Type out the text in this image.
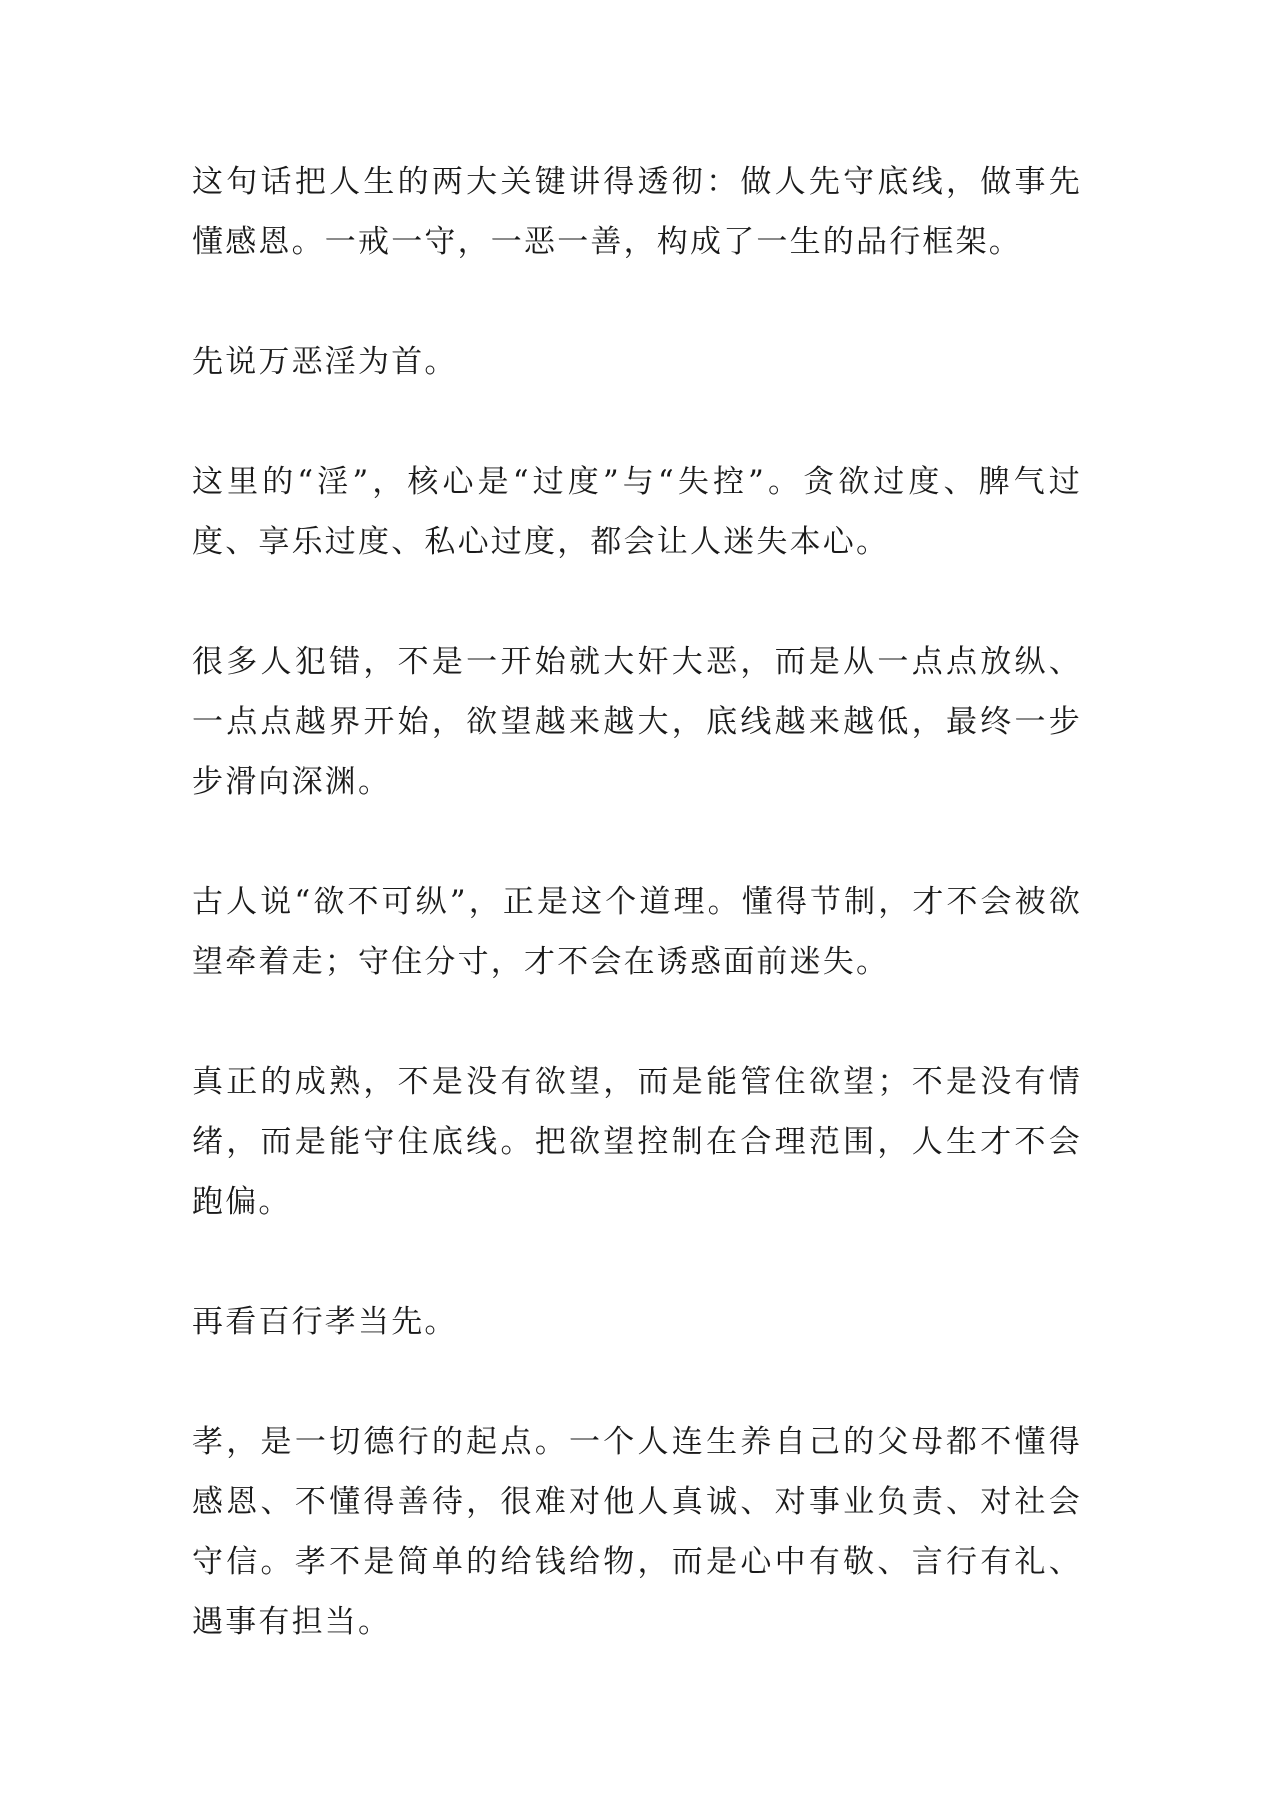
这句话把人生的两大关键讲得透彻：做人先守底线，做事先懂感恩。一戒一守，一恶一善，构成了一生的品行框架。

先说万恶淫为首。

这里的“淫”，核心是“过度”与“失控”。贪欲过度、脾气过度、享乐过度、私心过度，都会让人迷失本心。

很多人犯错，不是一开始就大奸大恶，而是从一点点放纵、一点点越界开始，欲望越来越大，底线越来越低，最终一步步滑向深渊。

古人说“欲不可纵”，正是这个道理。懂得节制，才不会被欲望牵着走；守住分寸，才不会在诱惑面前迷失。

真正的成熟，不是没有欲望，而是能管住欲望；不是没有情绪，而是能守住底线。把欲望控制在合理范围，人生才不会跑偏。

再看百行孝当先。

孝，是一切德行的起点。一个人连生养自己的父母都不懂得感恩、不懂得善待，很难对他人真诚、对事业负责、对社会守信。孝不是简单的给钱给物，而是心中有敬、言行有礼、遇事有担当。
